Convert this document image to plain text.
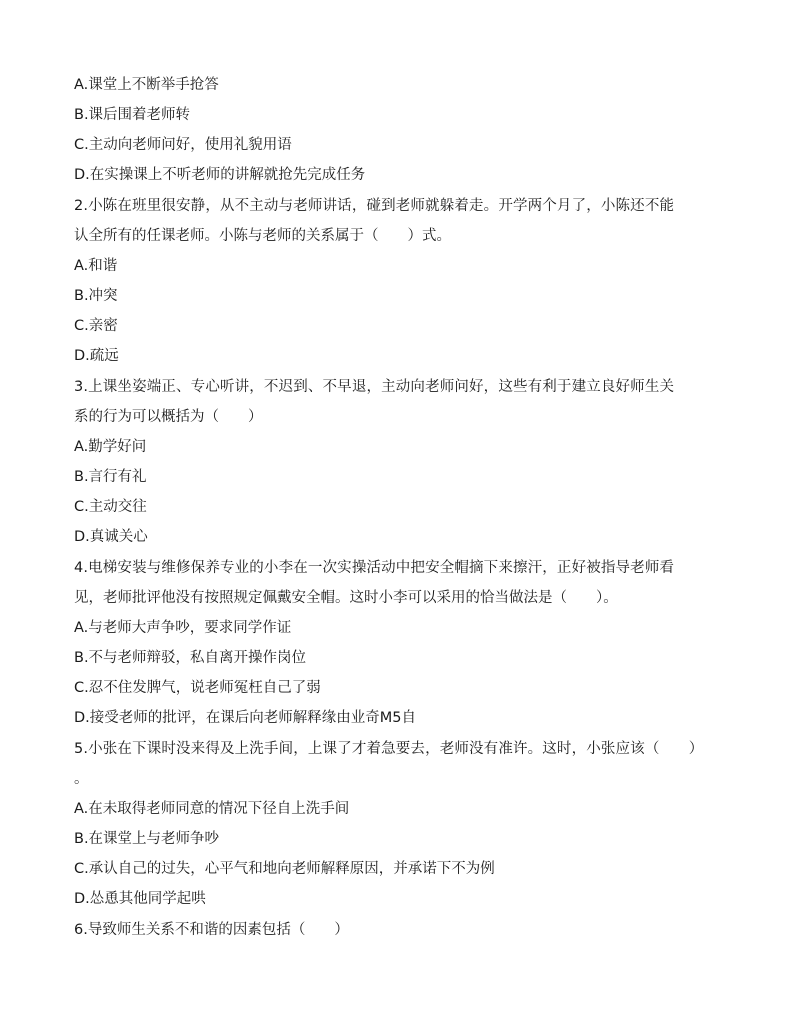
A.课堂上不断举手抢答
B.课后围着老师转
C.主动向老师问好，使用礼貌用语
D.在实操课上不听老师的讲解就抢先完成任务
2.小陈在班里很安静，从不主动与老师讲话，碰到老师就躲着走。开学两个月了，小陈还不能
认全所有的任课老师。小陈与老师的关系属于（　　）式。
A.和谐
B.冲突
C.亲密
D.疏远
3.上课坐姿端正、专心听讲，不迟到、不早退，主动向老师问好，这些有利于建立良好师生关
系的行为可以概括为（　　）
A.勤学好问
B.言行有礼
C.主动交往
D.真诚关心
4.电梯安装与维修保养专业的小李在一次实操活动中把安全帽摘下来擦汗，正好被指导老师看
见，老师批评他没有按照规定佩戴安全帽。这时小李可以采用的恰当做法是（　　）。
A.与老师大声争吵，要求同学作证
B.不与老师辩驳，私自离开操作岗位
C.忍不住发脾气，说老师冤枉自己了弱
D.接受老师的批评，在课后向老师解释缘由业奇M5自
5.小张在下课时没来得及上洗手间，上课了才着急要去，老师没有准许。这时，小张应该（　　）
。
A.在未取得老师同意的情况下径自上洗手间
B.在课堂上与老师争吵
C.承认自己的过失，心平气和地向老师解释原因，并承诺下不为例
D.怂恿其他同学起哄
6.导致师生关系不和谐的因素包括（　　）
